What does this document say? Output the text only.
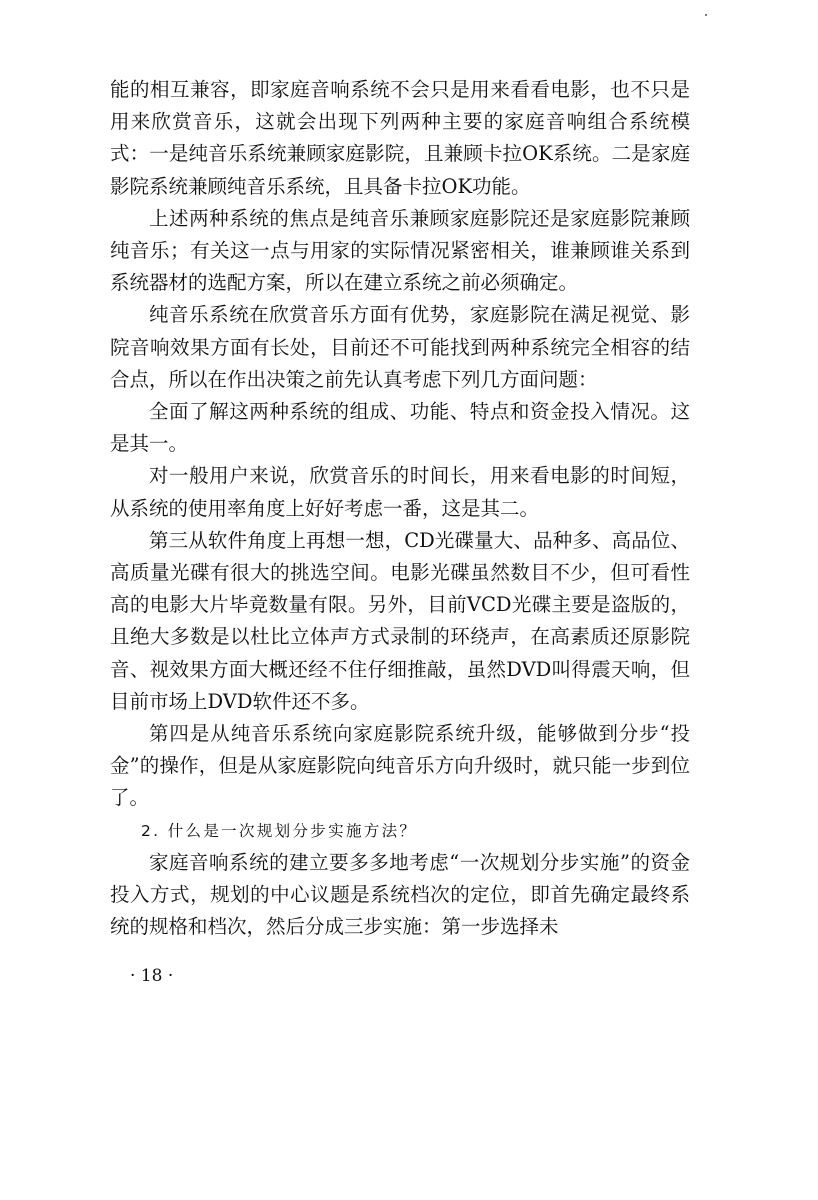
能的相互兼容，即家庭音响系统不会只是用来看看电影，也不只是用来欣赏音乐，这就会出现下列两种主要的家庭音响组合系统模式：一是纯音乐系统兼顾家庭影院，且兼顾卡拉OK系统。二是家庭影院系统兼顾纯音乐系统，且具备卡拉OK功能。

上述两种系统的焦点是纯音乐兼顾家庭影院还是家庭影院兼顾纯音乐；有关这一点与用家的实际情况紧密相关，谁兼顾谁关系到系统器材的选配方案，所以在建立系统之前必须确定。

纯音乐系统在欣赏音乐方面有优势，家庭影院在满足视觉、影院音响效果方面有长处，目前还不可能找到两种系统完全相容的结合点，所以在作出决策之前先认真考虑下列几方面问题：

全面了解这两种系统的组成、功能、特点和资金投入情况。这是其一。

对一般用户来说，欣赏音乐的时间长，用来看电影的时间短，从系统的使用率角度上好好考虑一番，这是其二。

第三从软件角度上再想一想，CD光碟量大、品种多、高品位、高质量光碟有很大的挑选空间。电影光碟虽然数目不少，但可看性高的电影大片毕竟数量有限。另外，目前VCD光碟主要是盗版的，且绝大多数是以杜比立体声方式录制的环绕声，在高素质还原影院音、视效果方面大概还经不住仔细推敲，虽然DVD叫得震天响，但目前市场上DVD软件还不多。

第四是从纯音乐系统向家庭影院系统升级，能够做到分步“投金”的操作，但是从家庭影院向纯音乐方向升级时，就只能一步到位了。

2. 什么是一次规划分步实施方法？

家庭音响系统的建立要多多地考虑“一次规划分步实施”的资金投入方式，规划的中心议题是系统档次的定位，即首先确定最终系统的规格和档次，然后分成三步实施：第一步选择未

· 18 ·
